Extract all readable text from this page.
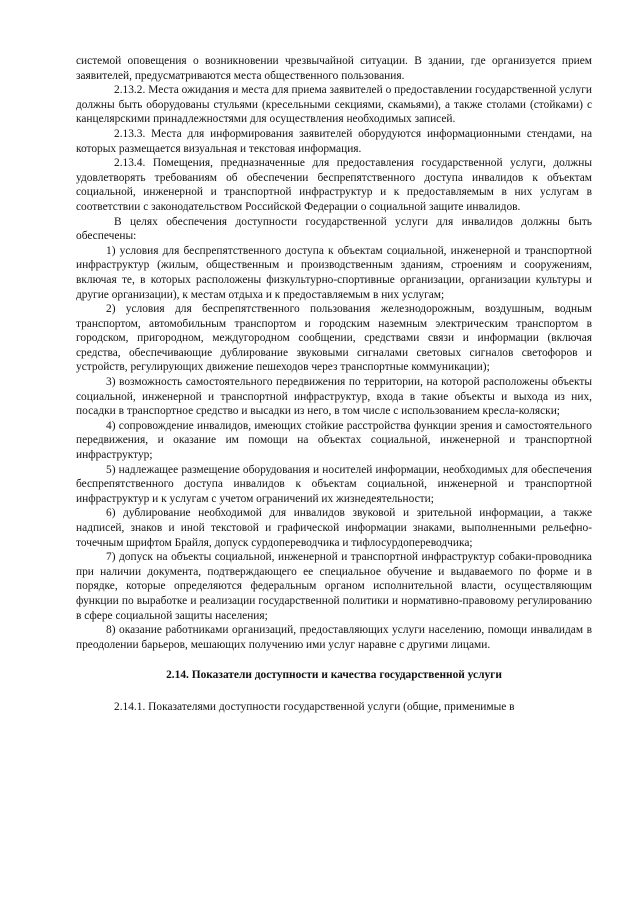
системой оповещения о возникновении чрезвычайной ситуации. В здании, где организуется прием заявителей, предусматриваются места общественного пользования.

2.13.2. Места ожидания и места для приема заявителей о предоставлении государственной услуги должны быть оборудованы стульями (кресельными секциями, скамьями), а также столами (стойками) с канцелярскими принадлежностями для осуществления необходимых записей.

2.13.3. Места для информирования заявителей оборудуются информационными стендами, на которых размещается визуальная и текстовая информация.

2.13.4. Помещения, предназначенные для предоставления государственной услуги, должны удовлетворять требованиям об обеспечении беспрепятственного доступа инвалидов к объектам социальной, инженерной и транспортной инфраструктур и к предоставляемым в них услугам в соответствии с законодательством Российской Федерации о социальной защите инвалидов.

В целях обеспечения доступности государственной услуги для инвалидов должны быть обеспечены:

1) условия для беспрепятственного доступа к объектам социальной, инженерной и транспортной инфраструктур (жилым, общественным и производственным зданиям, строениям и сооружениям, включая те, в которых расположены физкультурно-спортивные организации, организации культуры и другие организации), к местам отдыха и к предоставляемым в них услугам;

2) условия для беспрепятственного пользования железнодорожным, воздушным, водным транспортом, автомобильным транспортом и городским наземным электрическим транспортом в городском, пригородном, междугородном сообщении, средствами связи и информации (включая средства, обеспечивающие дублирование звуковыми сигналами световых сигналов светофоров и устройств, регулирующих движение пешеходов через транспортные коммуникации);

3) возможность самостоятельного передвижения по территории, на которой расположены объекты социальной, инженерной и транспортной инфраструктур, входа в такие объекты и выхода из них, посадки в транспортное средство и высадки из него, в том числе с использованием кресла-коляски;

4) сопровождение инвалидов, имеющих стойкие расстройства функции зрения и самостоятельного передвижения, и оказание им помощи на объектах социальной, инженерной и транспортной инфраструктур;

5) надлежащее размещение оборудования и носителей информации, необходимых для обеспечения беспрепятственного доступа инвалидов к объектам социальной, инженерной и транспортной инфраструктур и к услугам с учетом ограничений их жизнедеятельности;

6) дублирование необходимой для инвалидов звуковой и зрительной информации, а также надписей, знаков и иной текстовой и графической информации знаками, выполненными рельефно-точечным шрифтом Брайля, допуск сурдопереводчика и тифлосурдопереводчика;

7) допуск на объекты социальной, инженерной и транспортной инфраструктур собаки-проводника при наличии документа, подтверждающего ее специальное обучение и выдаваемого по форме и в порядке, которые определяются федеральным органом исполнительной власти, осуществляющим функции по выработке и реализации государственной политики и нормативно-правовому регулированию в сфере социальной защиты населения;

8) оказание работниками организаций, предоставляющих услуги населению, помощи инвалидам в преодолении барьеров, мешающих получению ими услуг наравне с другими лицами.

2.14. Показатели доступности и качества государственной услуги

2.14.1. Показателями доступности государственной услуги (общие, применимые в
